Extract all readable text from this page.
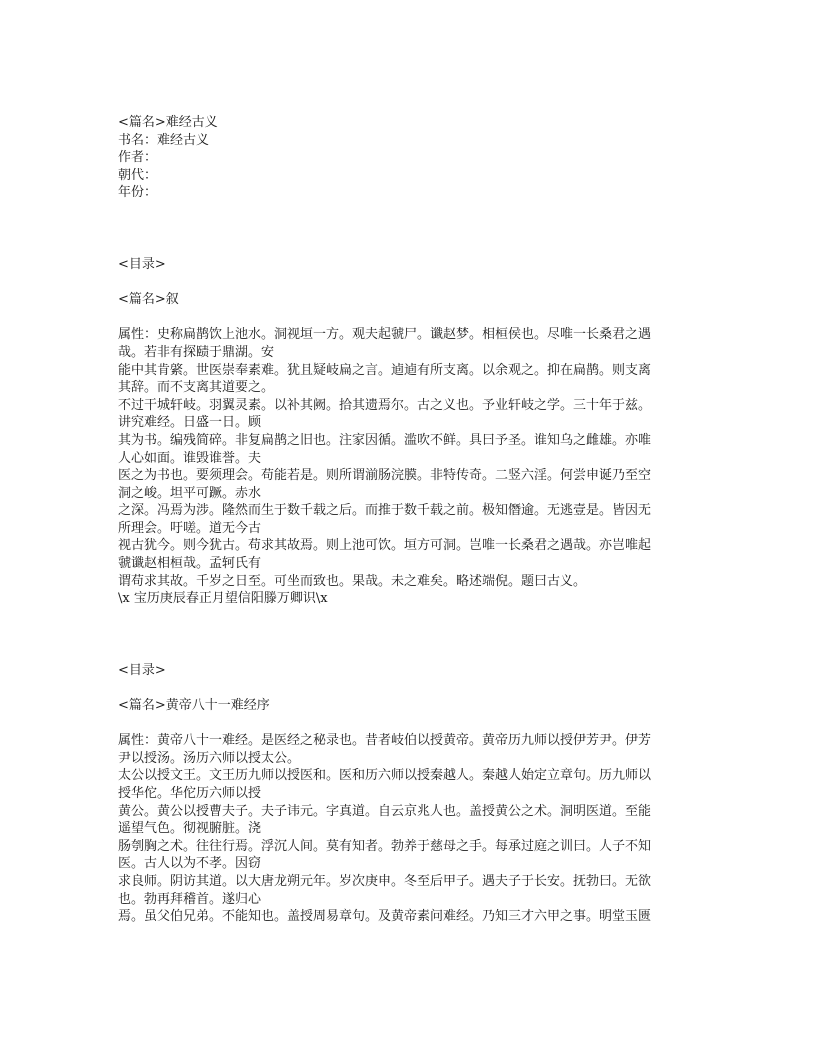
<篇名>难经古义
书名：难经古义
作者：
朝代：
年份：
<目录>
<篇名>叙
属性：史称扁鹊饮上池水。洞视垣一方。观夫起虢尸。谶赵梦。相桓侯也。尽唯一长桑君之遇
哉。若非有探赜于鼎湖。安
能中其肯綮。世医崇奉素难。犹且疑岐扁之言。逌逌有所支离。以余观之。抑在扁鹊。则支离
其辞。而不支离其道要之。
不过干城轩岐。羽翼灵素。以补其阙。拾其遗焉尔。古之义也。予业轩岐之学。三十年于兹。
讲究难经。日盛一日。顾
其为书。编残简碎。非复扁鹊之旧也。注家因循。滥吹不鲜。具曰予圣。谁知乌之雌雄。亦唯
人心如面。谁毁谁誉。夫
医之为书也。要须理会。苟能若是。则所谓湔肠浣膜。非特传奇。二竖六淫。何尝申诞乃至空
洞之峻。坦平可蹶。赤水
之深。冯焉为涉。隆然而生于数千载之后。而推于数千载之前。极知僭逾。无逃壹是。皆因无
所理会。吁嗟。道无今古
视古犹今。则今犹古。苟求其故焉。则上池可饮。垣方可洞。岂唯一长桑君之遇哉。亦岂唯起
虢谶赵相桓哉。孟轲氏有
谓苟求其故。千岁之日至。可坐而致也。果哉。未之难矣。略述端倪。题曰古义。
\x 宝历庚辰春正月望信阳滕万卿识\x
<目录>
<篇名>黄帝八十一难经序
属性：黄帝八十一难经。是医经之秘录也。昔者岐伯以授黄帝。黄帝历九师以授伊芳尹。伊芳
尹以授汤。汤历六师以授太公。
太公以授文王。文王历九师以授医和。医和历六师以授秦越人。秦越人始定立章句。历九师以
授华佗。华佗历六师以授
黄公。黄公以授曹夫子。夫子讳元。字真道。自云京兆人也。盖授黄公之术。洞明医道。至能
遥望气色。彻视腑脏。浇
肠刳胸之术。往往行焉。浮沉人间。莫有知者。勃养于慈母之手。每承过庭之训曰。人子不知
医。古人以为不孝。因窃
求良师。阴访其道。以大唐龙朔元年。岁次庚申。冬至后甲子。遇夫子于长安。抚勃曰。无欲
也。勃再拜稽首。遂归心
焉。虽父伯兄弟。不能知也。盖授周易章句。及黄帝素问难经。乃知三才六甲之事。明堂玉匮
